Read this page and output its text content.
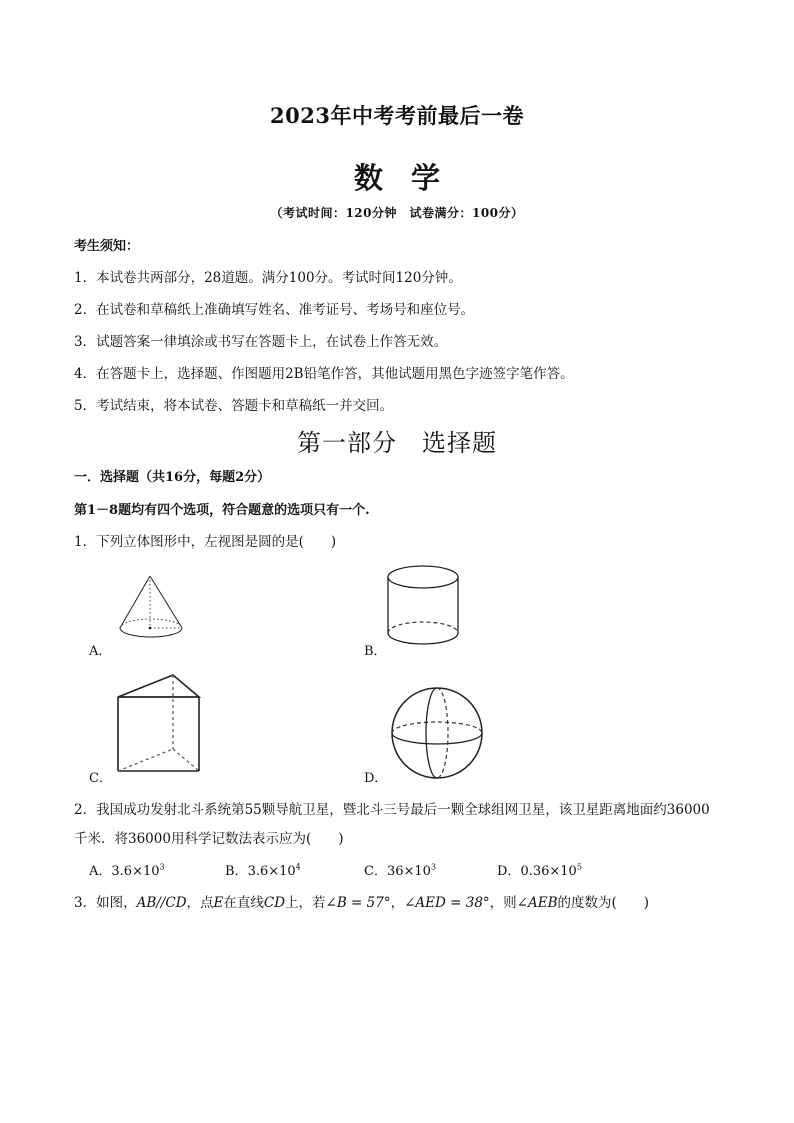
2023年中考考前最后一卷
数学
（考试时间：120分钟　试卷满分：100分）
考生须知：
1．本试卷共两部分，28道题。满分100分。考试时间120分钟。
2．在试卷和草稿纸上准确填写姓名、准考证号、考场号和座位号。
3．试题答案一律填涂或书写在答题卡上，在试卷上作答无效。
4．在答题卡上，选择题、作图题用2B铅笔作答，其他试题用黑色字迹签字笔作答。
5．考试结束，将本试卷、答题卡和草稿纸一并交回。
第一部分　选择题
一．选择题（共16分，每题2分）
第1－8题均有四个选项，符合题意的选项只有一个.
1．下列立体图形中，左视图是圆的是(　　)
A．	B．
C．	D．
2．我国成功发射北斗系统第55颗导航卫星，暨北斗三号最后一颗全球组网卫星，该卫星距离地面约36000
千米．将36000用科学记数法表示应为(　　)
A．$3.6\times 10^3$	B．$3.6\times 10^4$	C．$36\times 10^3$	D．$0.36\times 10^5$
3．如图，AB//CD，点E在直线CD上，若∠B = 57°，∠AED = 38°，则∠AEB的度数为(　　)
